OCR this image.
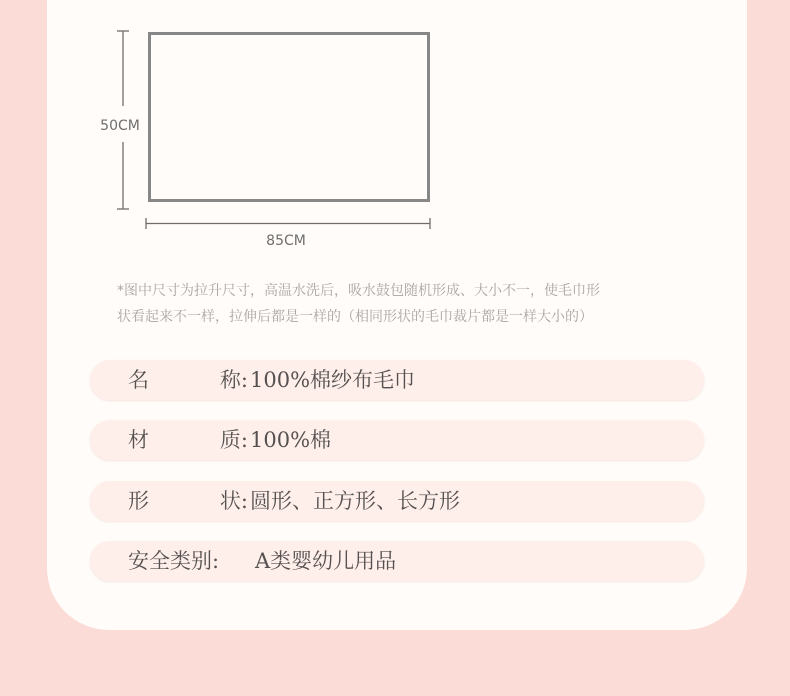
50CM
85CM
*图中尺寸为拉升尺寸，高温水洗后，吸水鼓包随机形成、大小不一，使毛巾形
状看起来不一样，拉伸后都是一样的（相同形状的毛巾裁片都是一样大小的）
名	称: 100%棉纱布毛巾
材	质: 100%棉
形	状: 圆形、正方形、长方形
安全类别: A类婴幼儿用品
